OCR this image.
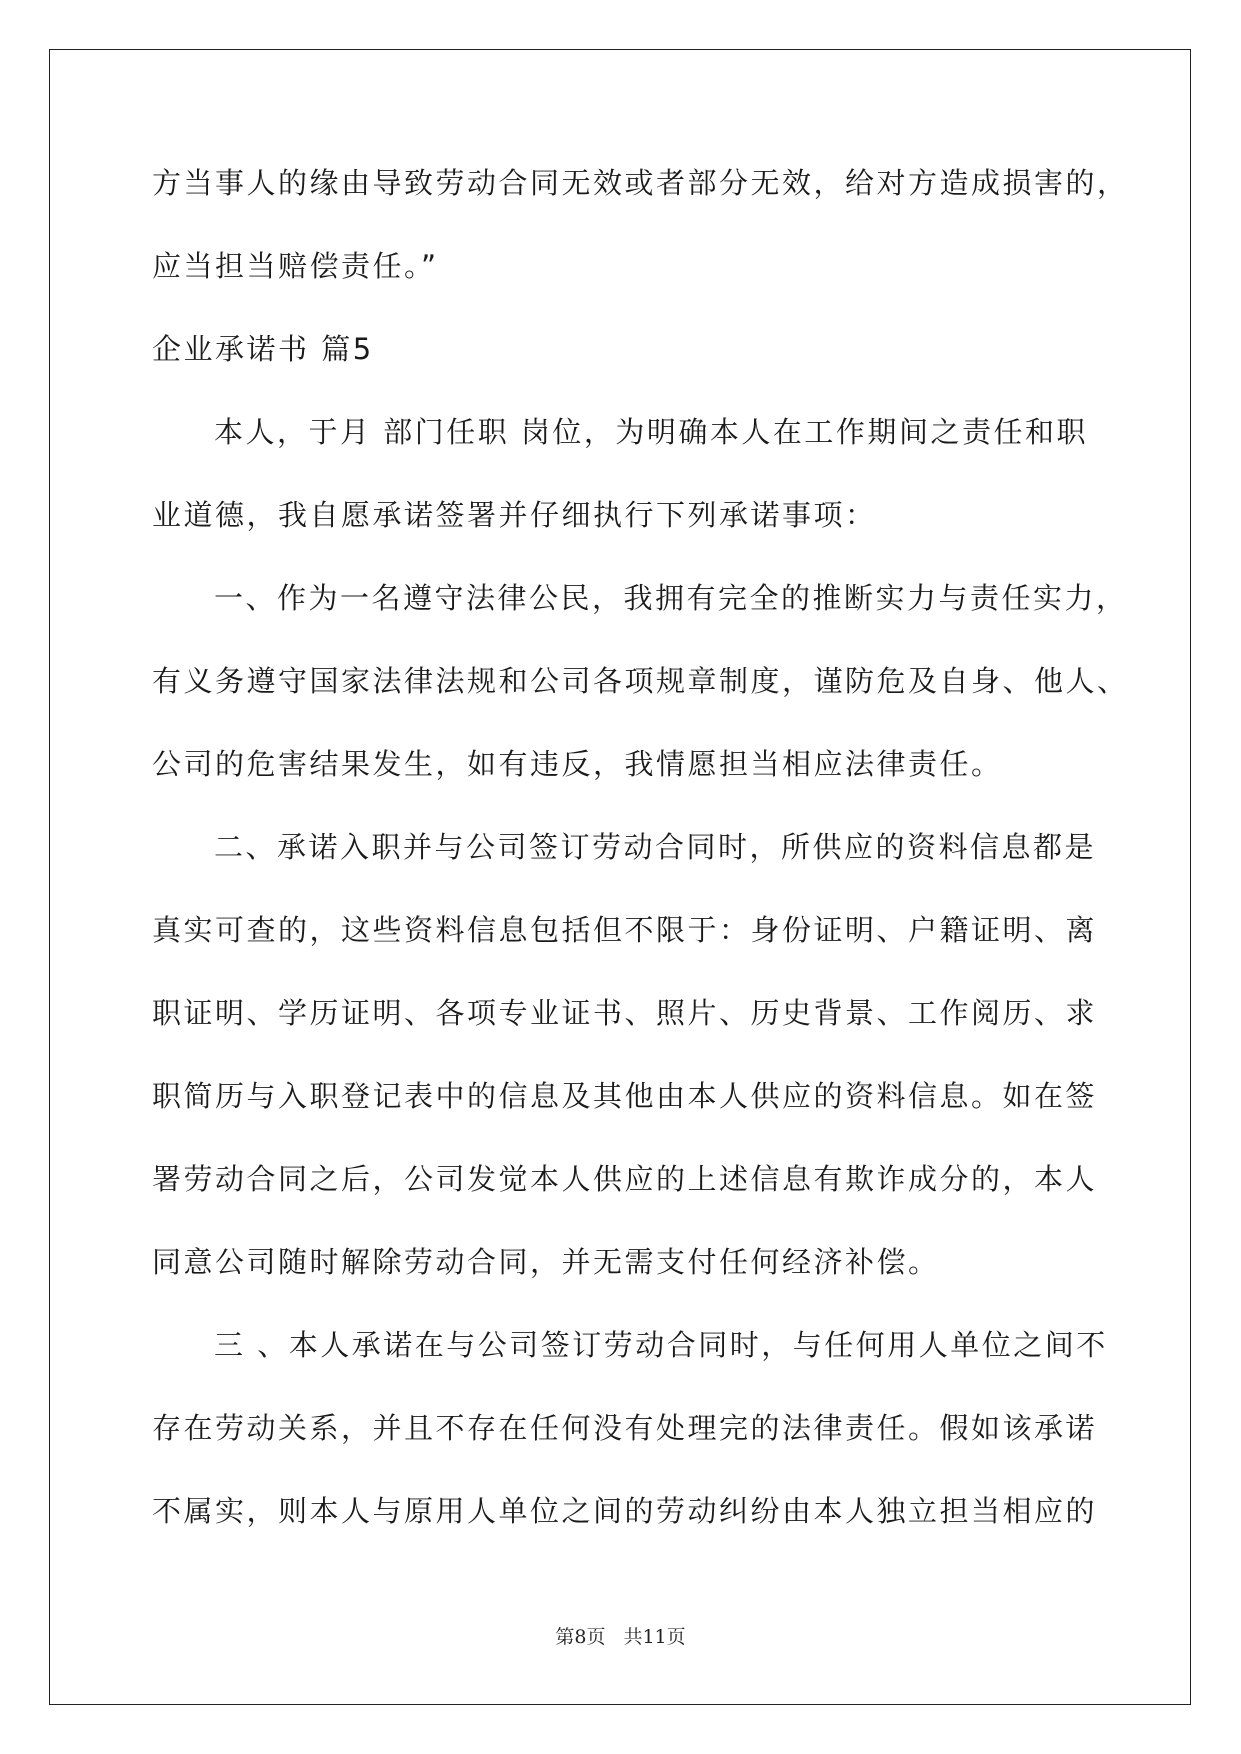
方当事人的缘由导致劳动合同无效或者部分无效，给对方造成损害的，

应当担当赔偿责任。”

企业承诺书 篇5

本人，于月 部门任职 岗位，为明确本人在工作期间之责任和职

业道德，我自愿承诺签署并仔细执行下列承诺事项：

一、作为一名遵守法律公民，我拥有完全的推断实力与责任实力，

有义务遵守国家法律法规和公司各项规章制度，谨防危及自身、他人、

公司的危害结果发生，如有违反，我情愿担当相应法律责任。

二、承诺入职并与公司签订劳动合同时，所供应的资料信息都是

真实可查的，这些资料信息包括但不限于：身份证明、户籍证明、离

职证明、学历证明、各项专业证书、照片、历史背景、工作阅历、求

职简历与入职登记表中的信息及其他由本人供应的资料信息。如在签

署劳动合同之后，公司发觉本人供应的上述信息有欺诈成分的，本人

同意公司随时解除劳动合同，并无需支付任何经济补偿。

三 、本人承诺在与公司签订劳动合同时，与任何用人单位之间不

存在劳动关系，并且不存在任何没有处理完的法律责任。假如该承诺

不属实，则本人与原用人单位之间的劳动纠纷由本人独立担当相应的

第8页 共11页
